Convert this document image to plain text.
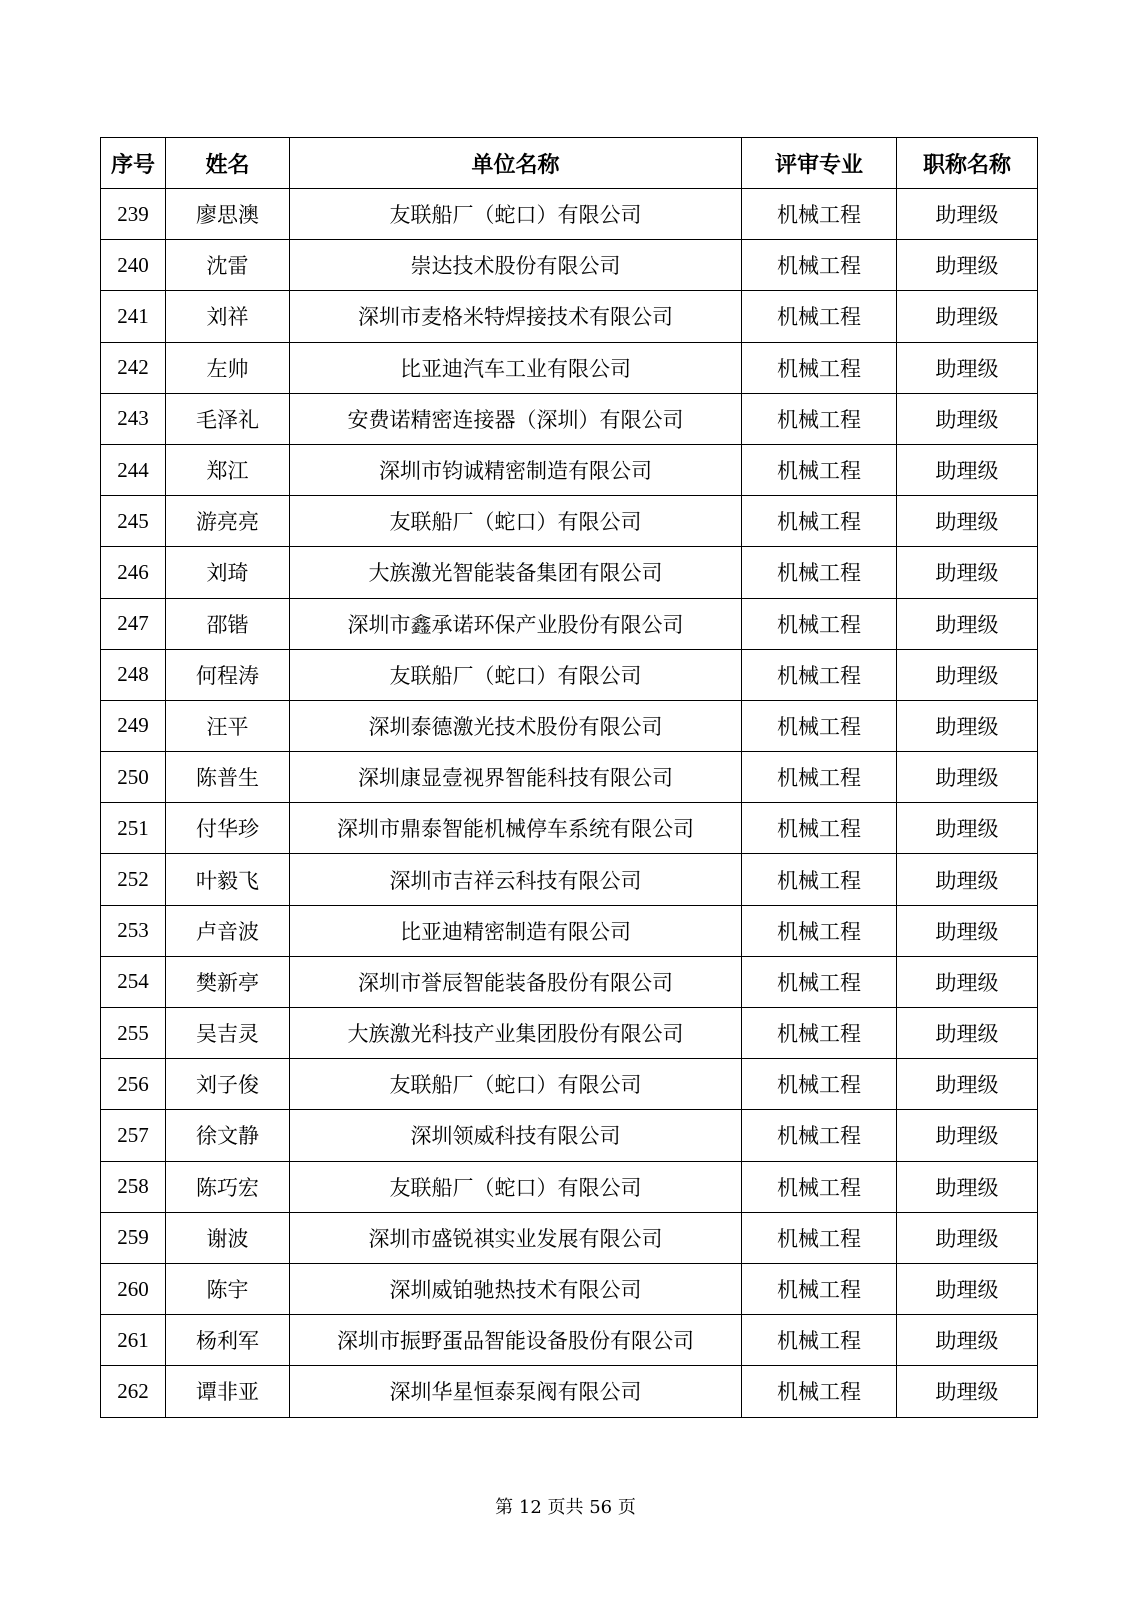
序号	姓名	单位名称	评审专业	职称名称
239	廖思澳	友联船厂（蛇口）有限公司	机械工程	助理级
240	沈雷	崇达技术股份有限公司	机械工程	助理级
241	刘祥	深圳市麦格米特焊接技术有限公司	机械工程	助理级
242	左帅	比亚迪汽车工业有限公司	机械工程	助理级
243	毛泽礼	安费诺精密连接器（深圳）有限公司	机械工程	助理级
244	郑江	深圳市钧诚精密制造有限公司	机械工程	助理级
245	游亮亮	友联船厂（蛇口）有限公司	机械工程	助理级
246	刘琦	大族激光智能装备集团有限公司	机械工程	助理级
247	邵锴	深圳市鑫承诺环保产业股份有限公司	机械工程	助理级
248	何程涛	友联船厂（蛇口）有限公司	机械工程	助理级
249	汪平	深圳泰德激光技术股份有限公司	机械工程	助理级
250	陈普生	深圳康显壹视界智能科技有限公司	机械工程	助理级
251	付华珍	深圳市鼎泰智能机械停车系统有限公司	机械工程	助理级
252	叶毅飞	深圳市吉祥云科技有限公司	机械工程	助理级
253	卢音波	比亚迪精密制造有限公司	机械工程	助理级
254	樊新亭	深圳市誉辰智能装备股份有限公司	机械工程	助理级
255	吴吉灵	大族激光科技产业集团股份有限公司	机械工程	助理级
256	刘子俊	友联船厂（蛇口）有限公司	机械工程	助理级
257	徐文静	深圳领威科技有限公司	机械工程	助理级
258	陈巧宏	友联船厂（蛇口）有限公司	机械工程	助理级
259	谢波	深圳市盛锐祺实业发展有限公司	机械工程	助理级
260	陈宇	深圳威铂驰热技术有限公司	机械工程	助理级
261	杨利军	深圳市振野蛋品智能设备股份有限公司	机械工程	助理级
262	谭非亚	深圳华星恒泰泵阀有限公司	机械工程	助理级
第 12 页共 56 页
